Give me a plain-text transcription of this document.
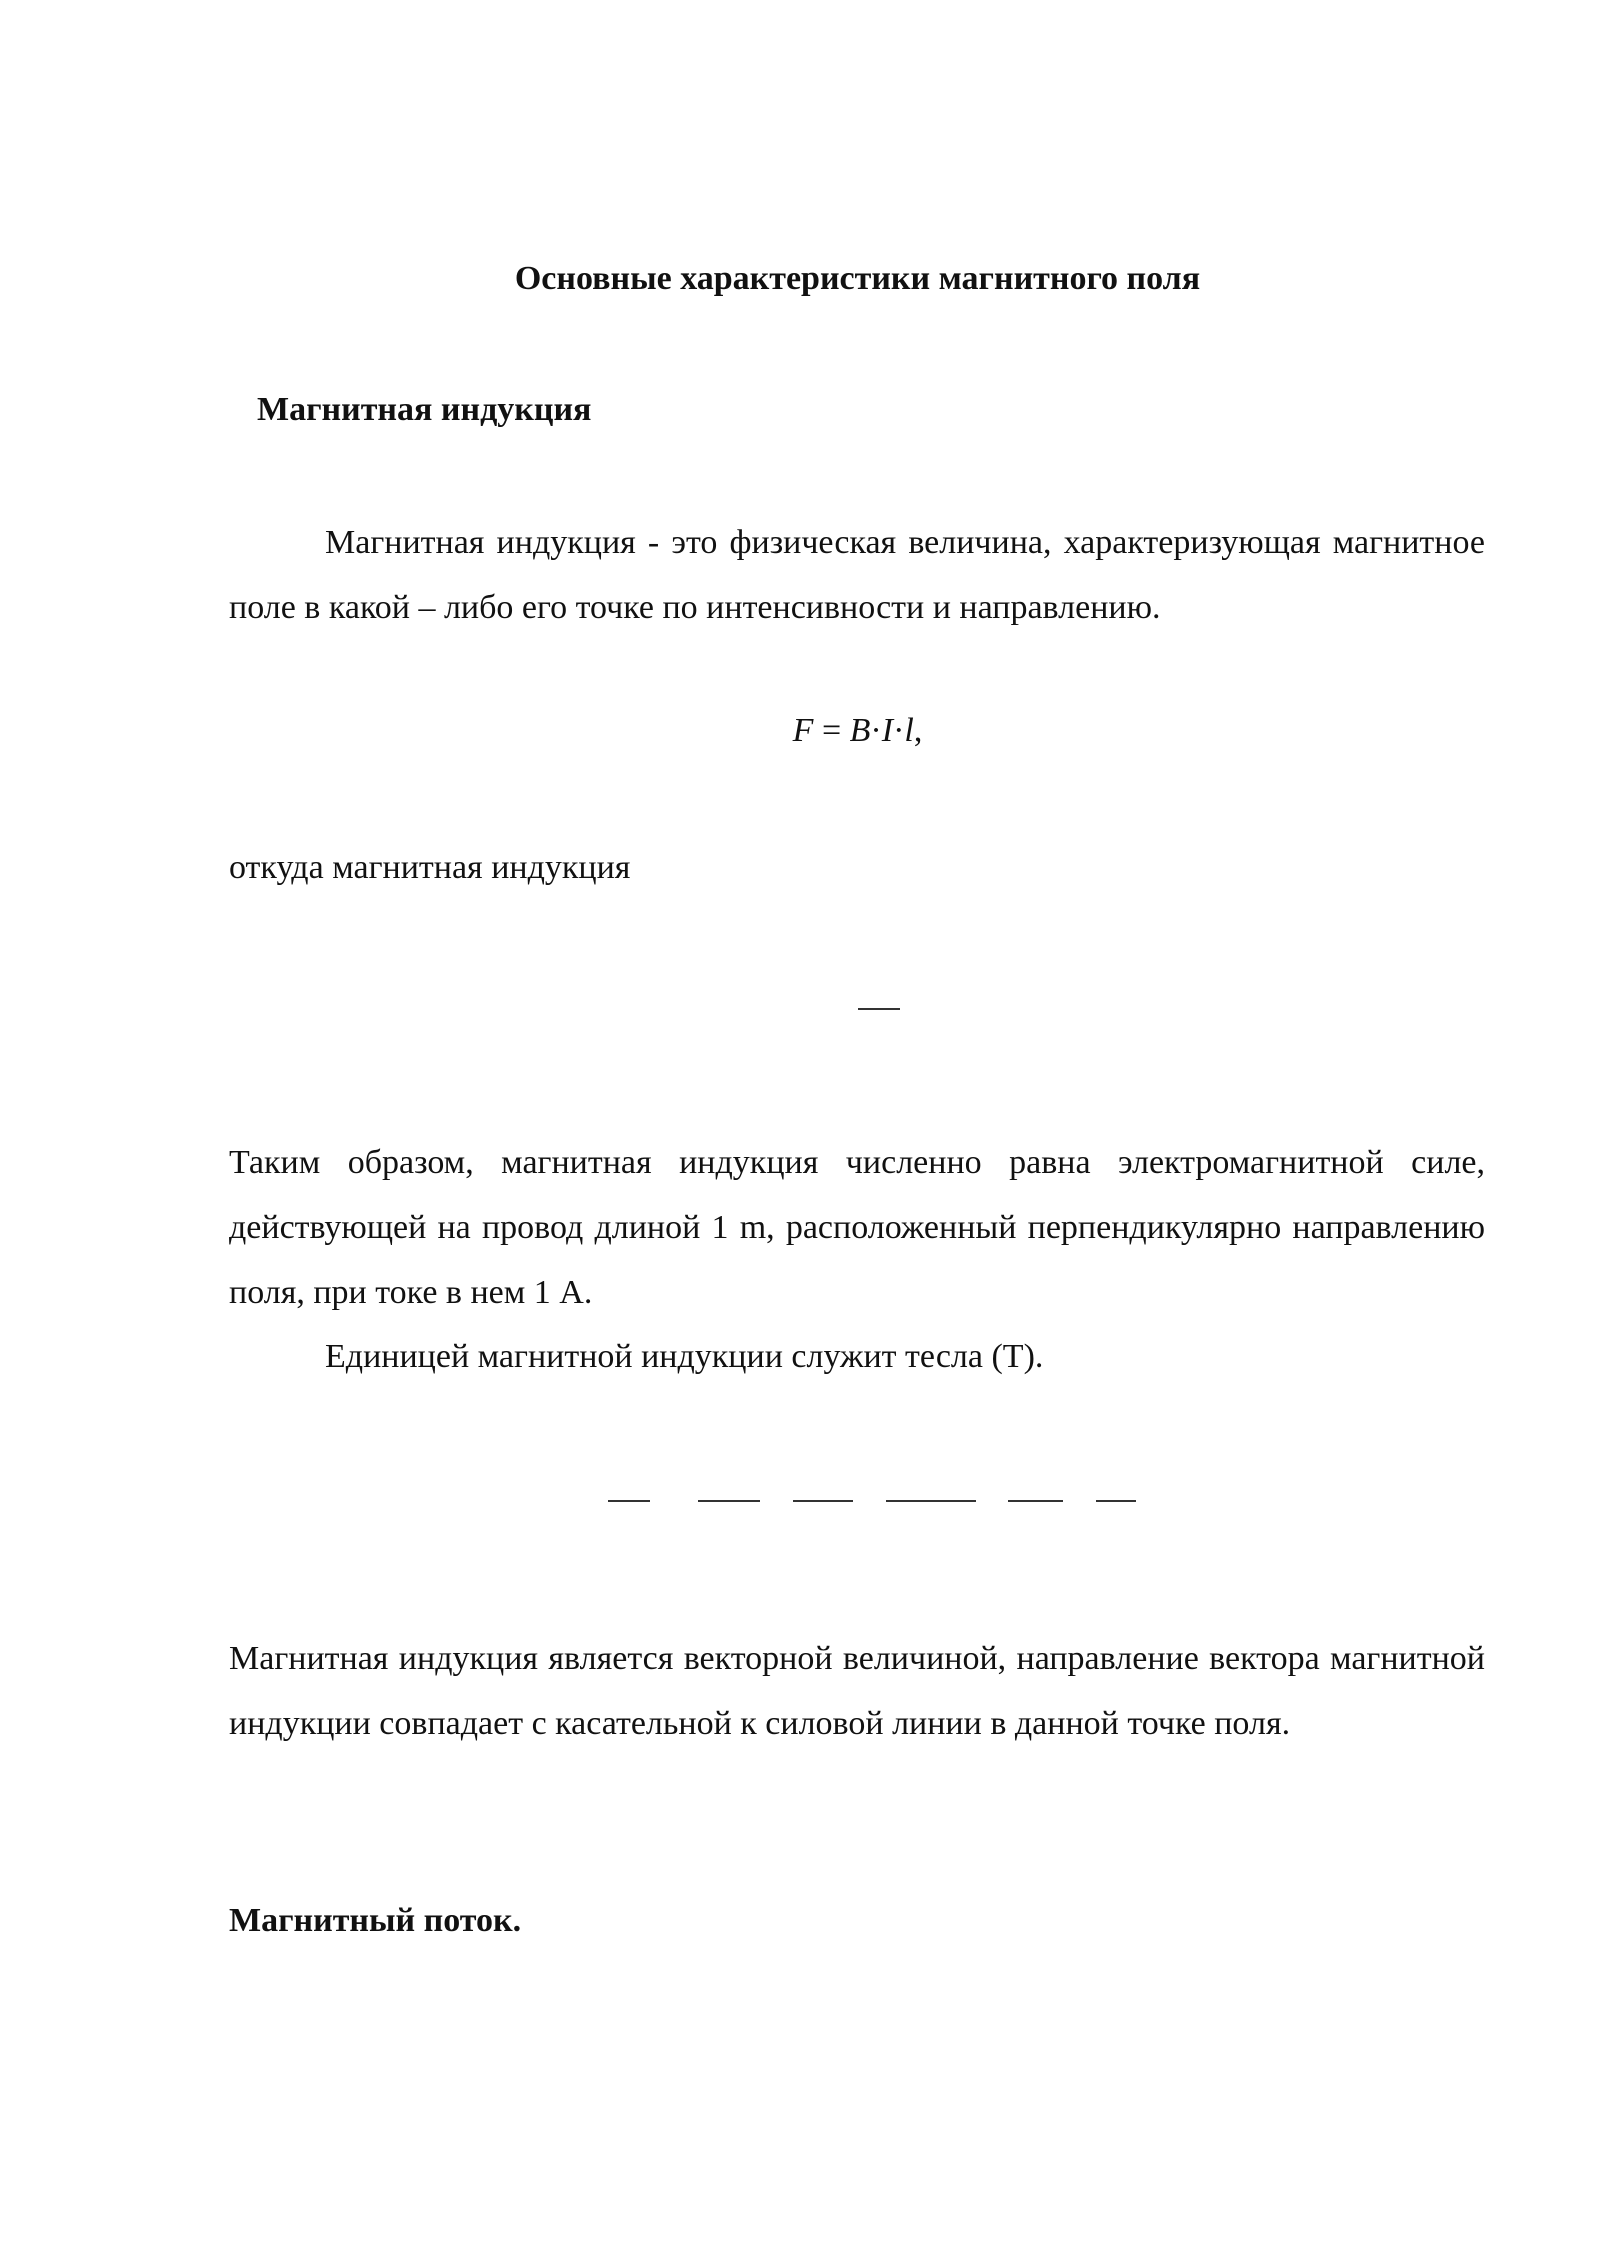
Основные характеристики магнитного поля
Магнитная индукция
Магнитная индукция - это физическая величина, характеризующая магнитное поле в какой – либо его точке по интенсивности и направлению.
F = B·I·l,
откуда магнитная индукция
Таким образом, магнитная индукция численно равна электромагнитной силе, действующей на провод длиной 1 m, расположенный перпендикулярно направлению поля, при токе в нем 1 А.
Единицей магнитной индукции служит тесла (Т).
Магнитная индукция является векторной величиной, направление вектора магнитной индукции совпадает с касательной к силовой линии в данной точке поля.
Магнитный поток.
